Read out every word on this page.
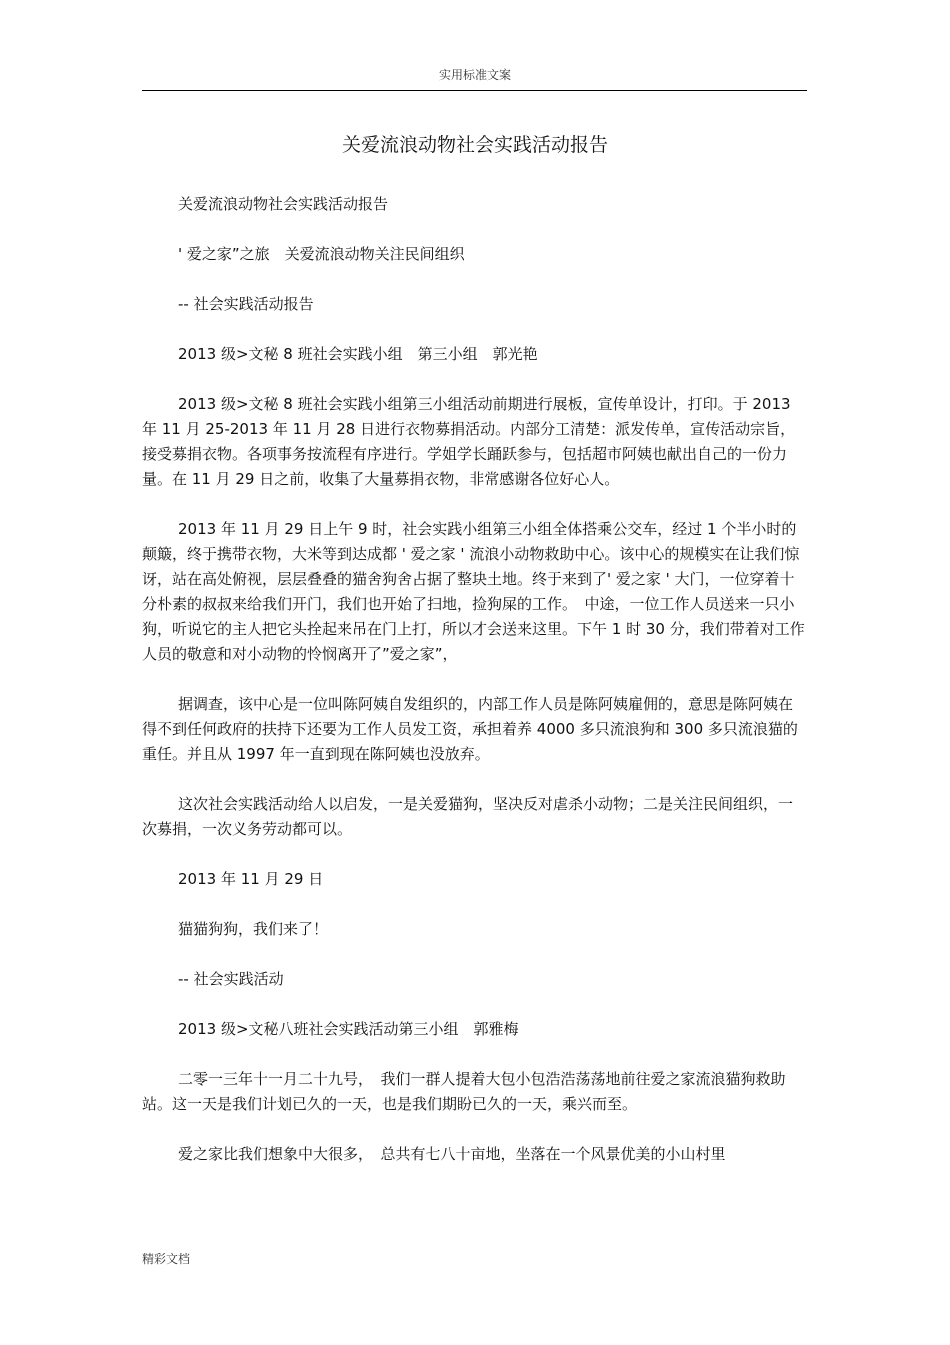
实用标准文案
关爱流浪动物社会实践活动报告

关爱流浪动物社会实践活动报告

' 爱之家”之旅　关爱流浪动物关注民间组织

-- 社会实践活动报告

2013 级>文秘 8 班社会实践小组　第三小组　郭光艳

2013 级>文秘 8 班社会实践小组第三小组活动前期进行展板，宣传单设计，打印。于 2013 年 11 月 25-2013 年 11 月 28 日进行衣物募捐活动。内部分工清楚：派发传单，宣传活动宗旨，接受募捐衣物。各项事务按流程有序进行。学姐学长踊跃参与，包括超市阿姨也献出自己的一份力量。在 11 月 29 日之前，收集了大量募捐衣物，非常感谢各位好心人。

2013 年 11 月 29 日上午 9 时，社会实践小组第三小组全体搭乘公交车，经过 1 个半小时的颠簸，终于携带衣物，大米等到达成都 ' 爱之家 ' 流浪小动物救助中心。该中心的规模实在让我们惊讶，站在高处俯视，层层叠叠的猫舍狗舍占据了整块土地。终于来到了' 爱之家 ' 大门，一位穿着十分朴素的叔叔来给我们开门，我们也开始了扫地，捡狗屎的工作。　中途，一位工作人员送来一只小狗，听说它的主人把它头拴起来吊在门上打，所以才会送来这里。下午 1 时 30 分，我们带着对工作人员的敬意和对小动物的怜悯离开了”爱之家”，

据调查，该中心是一位叫陈阿姨自发组织的，内部工作人员是陈阿姨雇佣的，意思是陈阿姨在得不到任何政府的扶持下还要为工作人员发工资，承担着养 4000 多只流浪狗和 300 多只流浪猫的重任。并且从 1997 年一直到现在陈阿姨也没放弃。

这次社会实践活动给人以启发，一是关爱猫狗，坚决反对虐杀小动物；二是关注民间组织，一次募捐，一次义务劳动都可以。

2013 年 11 月 29 日

猫猫狗狗，我们来了！

-- 社会实践活动

2013 级>文秘八班社会实践活动第三小组　郭雅梅

二零一三年十一月二十九号，　我们一群人提着大包小包浩浩荡荡地前往爱之家流浪猫狗救助站。这一天是我们计划已久的一天，也是我们期盼已久的一天，乘兴而至。

爱之家比我们想象中大很多，　总共有七八十亩地，坐落在一个风景优美的小山村里

精彩文档
